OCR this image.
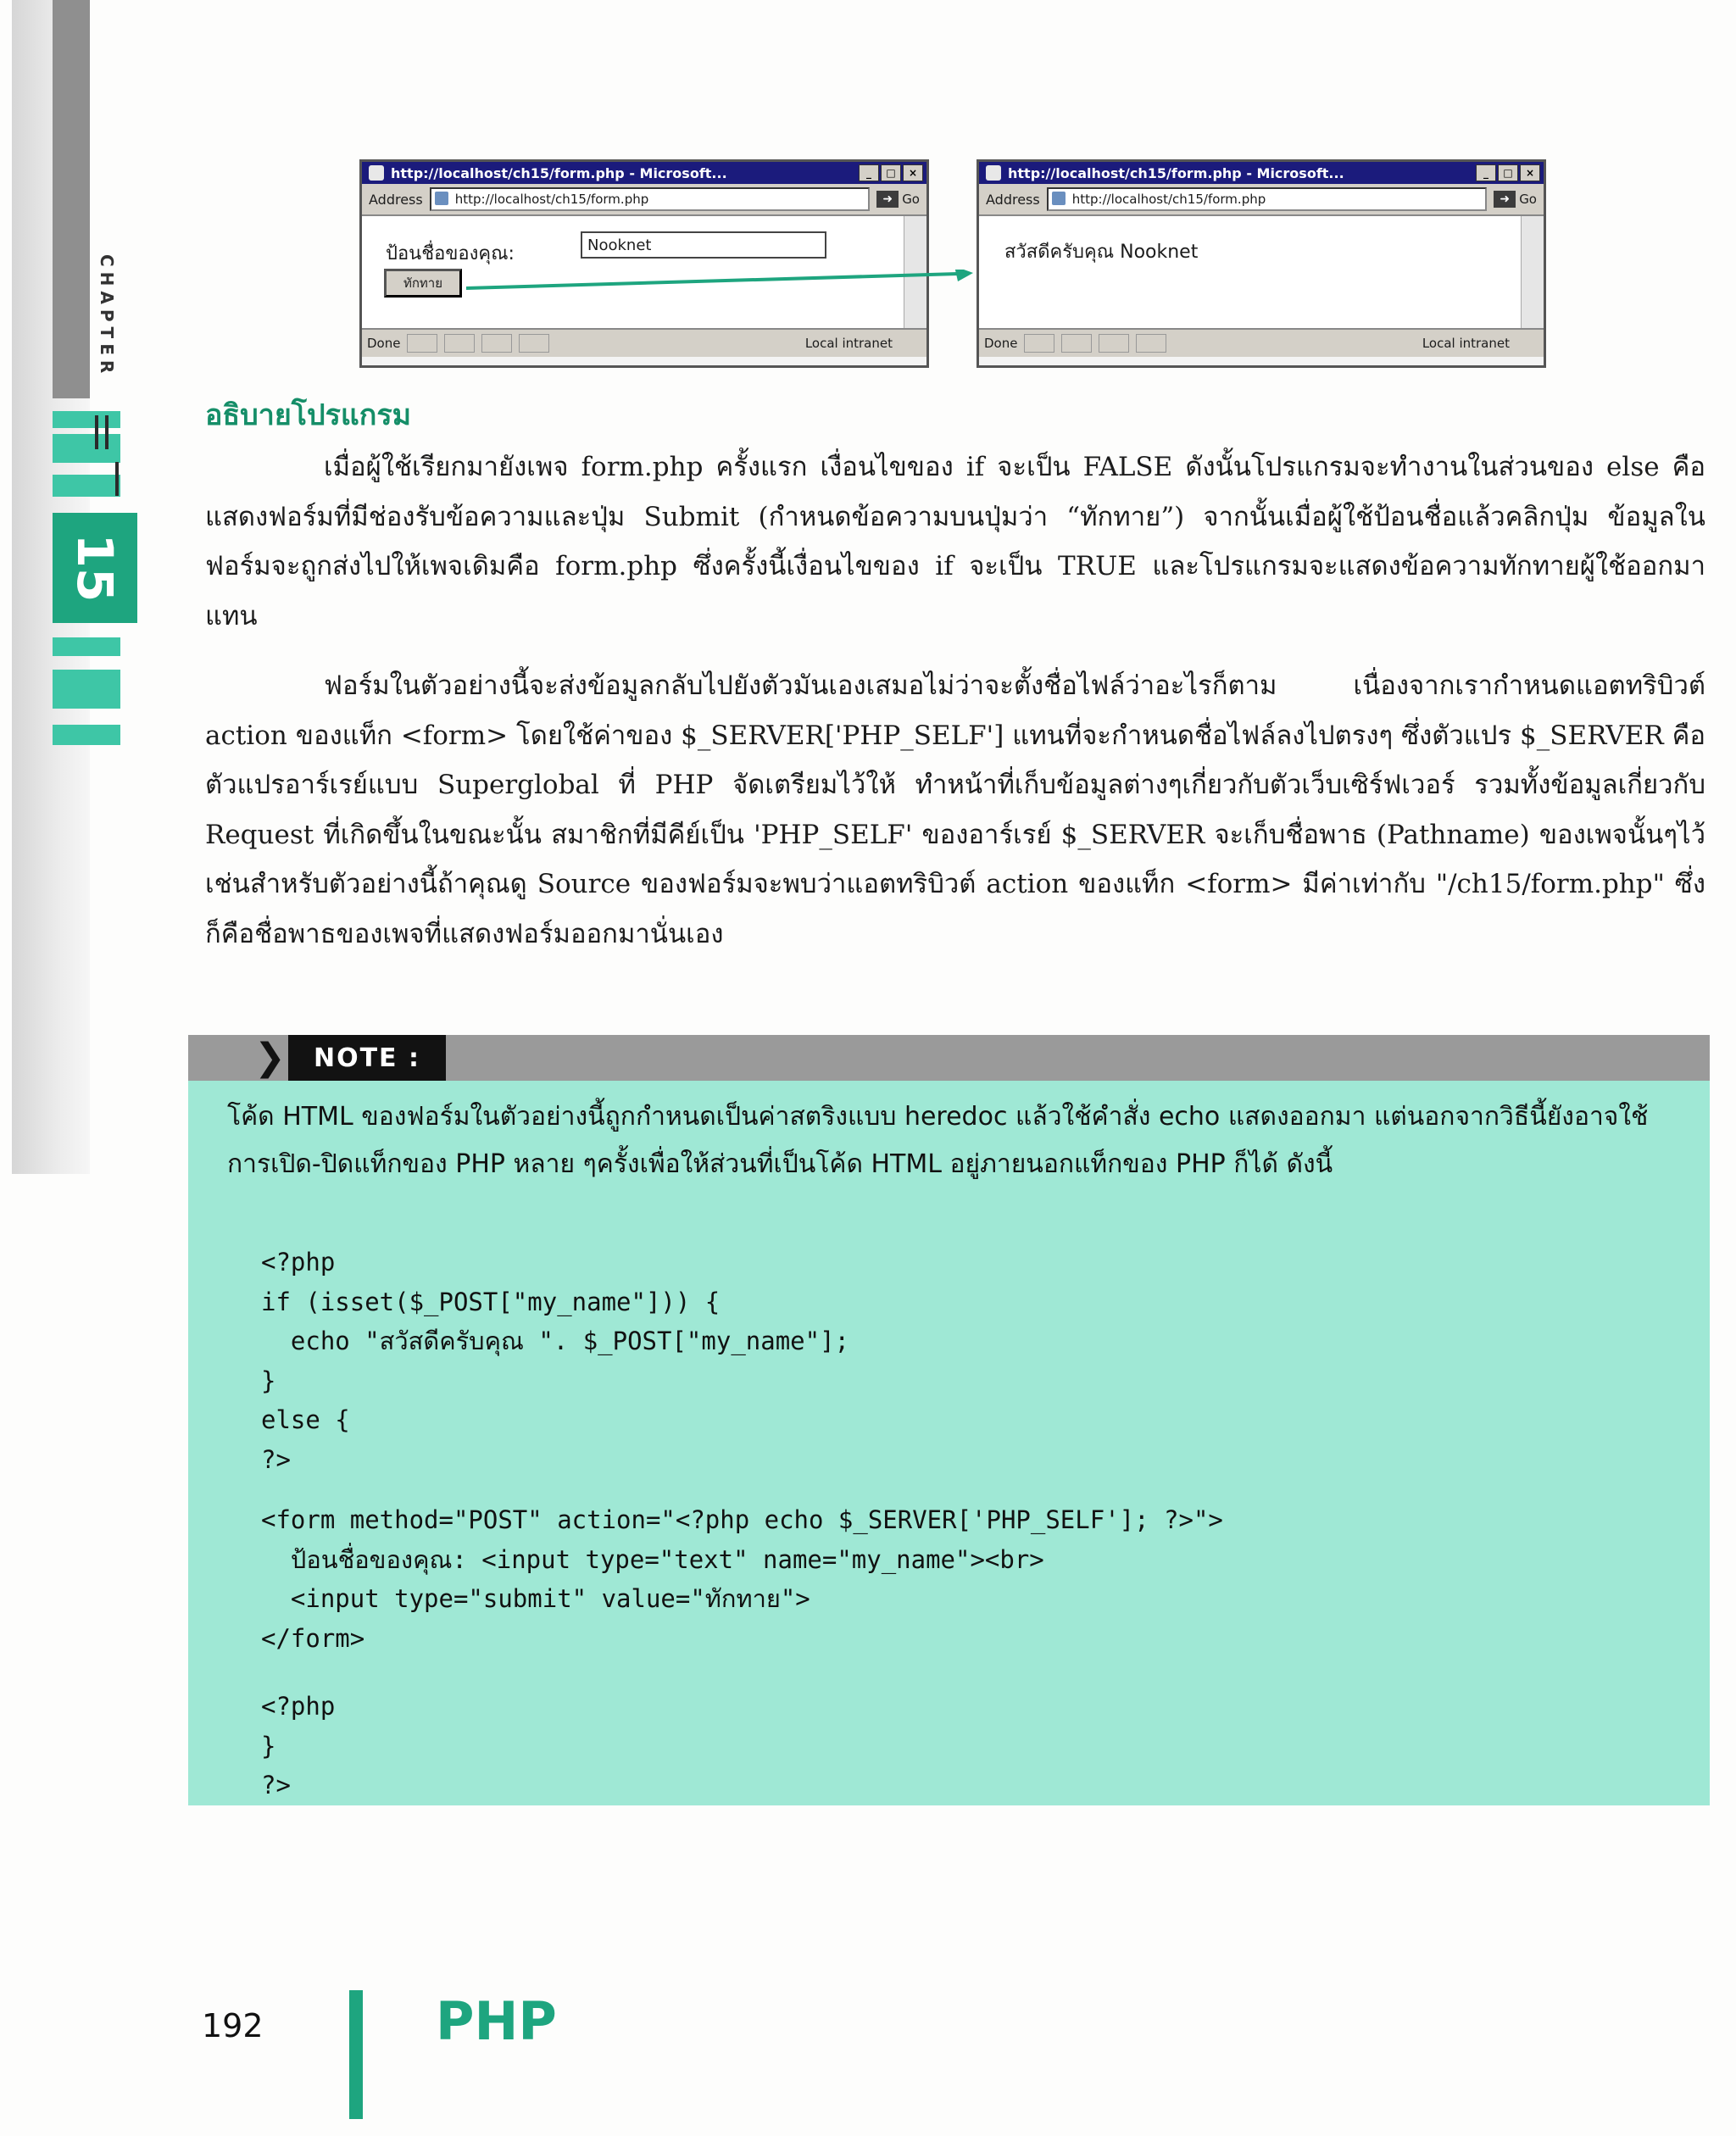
CHAPTER
15
http://localhost/ch15/form.php - Microsoft...	_	□	×
Address	http://localhost/ch15/form.php	➜ Go
ป้อนชื่อของคุณ:	Nooknet
ทักทาย
Done	Local intranet
http://localhost/ch15/form.php - Microsoft...	_	□	×
Address	http://localhost/ch15/form.php	➜ Go
สวัสดีครับคุณ Nooknet
Done	Local intranet
อธิบายโปรแกรม

เมื่อผู้ใช้เรียกมายังเพจ form.php ครั้งแรก เงื่อนไขของ if จะเป็น FALSE ดังนั้นโปรแกรมจะทำงานในส่วนของ else คือแสดงฟอร์มที่มีช่องรับข้อความและปุ่ม Submit (กำหนดข้อความบนปุ่มว่า “ทักทาย”) จากนั้นเมื่อผู้ใช้ป้อนชื่อแล้วคลิกปุ่ม ข้อมูลในฟอร์มจะถูกส่งไปให้เพจเดิมคือ form.php ซึ่งครั้งนี้เงื่อนไขของ if จะเป็น TRUE และโปรแกรมจะแสดงข้อความทักทายผู้ใช้ออกมาแทน

ฟอร์มในตัวอย่างนี้จะส่งข้อมูลกลับไปยังตัวมันเองเสมอไม่ว่าจะตั้งชื่อไฟล์ว่าอะไรก็ตาม เนื่องจากเรากำหนดแอตทริบิวต์ action ของแท็ก <form> โดยใช้ค่าของ $_SERVER['PHP_SELF'] แทนที่จะกำหนดชื่อไฟล์ลงไปตรงๆ ซึ่งตัวแปร $_SERVER คือตัวแปรอาร์เรย์แบบ Superglobal ที่ PHP จัดเตรียมไว้ให้ ทำหน้าที่เก็บข้อมูลต่างๆเกี่ยวกับตัวเว็บเซิร์ฟเวอร์ รวมทั้งข้อมูลเกี่ยวกับ Request ที่เกิดขึ้นในขณะนั้น สมาชิกที่มีคีย์เป็น 'PHP_SELF' ของอาร์เรย์ $_SERVER จะเก็บชื่อพาธ (Pathname) ของเพจนั้นๆไว้ เช่นสำหรับตัวอย่างนี้ถ้าคุณดู Source ของฟอร์มจะพบว่าแอตทริบิวต์ action ของแท็ก <form> มีค่าเท่ากับ "/ch15/form.php" ซึ่งก็คือชื่อพาธของเพจที่แสดงฟอร์มออกมานั่นเอง

❯	NOTE :
โค้ด HTML ของฟอร์มในตัวอย่างนี้ถูกกำหนดเป็นค่าสตริงแบบ heredoc แล้วใช้คำสั่ง echo แสดงออกมา แต่นอกจากวิธีนี้ยังอาจใช้การเปิด-ปิดแท็กของ PHP หลาย ๆครั้งเพื่อให้ส่วนที่เป็นโค้ด HTML อยู่ภายนอกแท็กของ PHP ก็ได้ ดังนี้
<?php
if (isset($_POST["my_name"])) {
echo "สวัสดีครับคุณ ". $_POST["my_name"];
}
else {
?>
<form method="POST" action="<?php echo $_SERVER['PHP_SELF']; ?>">
ป้อนชื่อของคุณ: <input type="text" name="my_name"><br>
<input type="submit" value="ทักทาย">
</form>
<?php
}
?>
192	PHP
